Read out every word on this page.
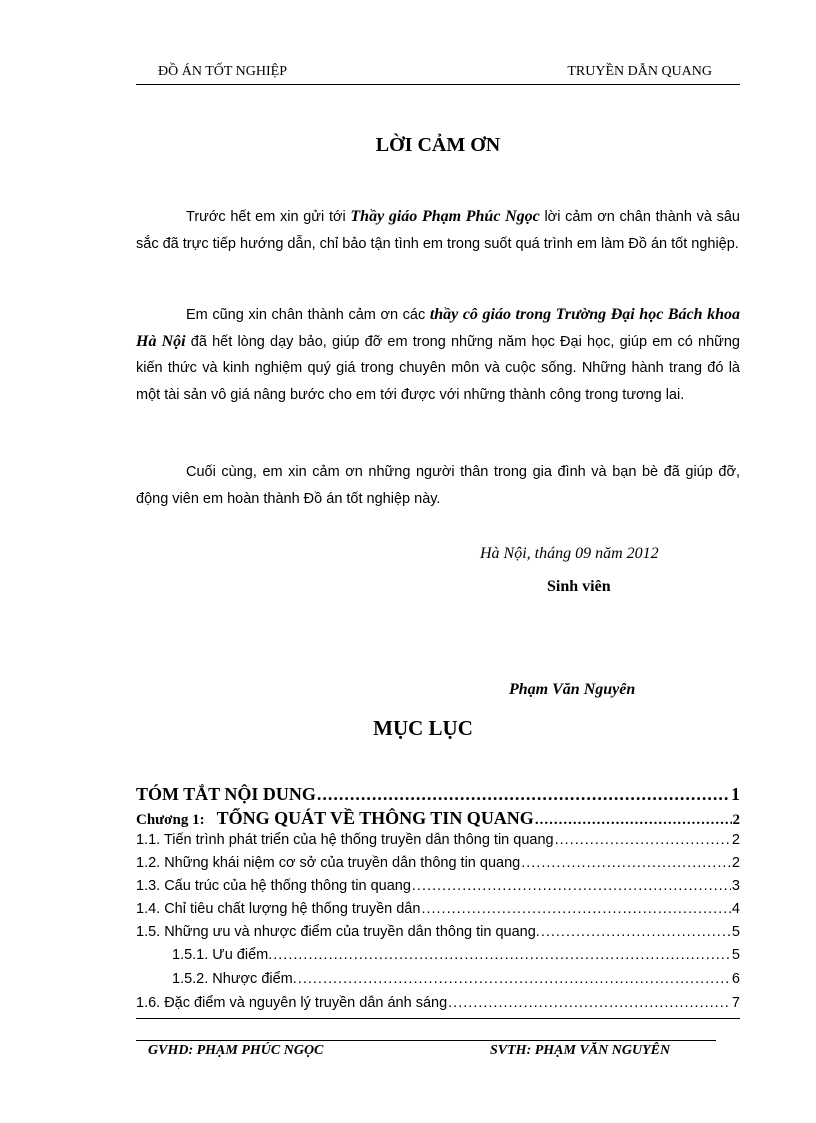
ĐỒ ÁN TỐT NGHIỆP	TRUYỀN DẪN QUANG
LỜI CẢM ƠN
Trước hết em xin gửi tới Thầy giáo Phạm Phúc Ngọc lời cảm ơn chân thành và sâu sắc đã trực tiếp hướng dẫn, chỉ bảo tận tình em trong suốt quá trình em làm Đồ án tốt nghiệp.
Em cũng xin chân thành cảm ơn các thầy cô giáo trong Trường Đại học Bách khoa Hà Nội đã hết lòng dạy bảo, giúp đỡ em trong những năm học Đại học, giúp em có những kiến thức và kinh nghiệm quý giá trong chuyên môn và cuộc sống. Những hành trang đó là một tài sản vô giá nâng bước cho em tới được với những thành công trong tương lai.
Cuối cùng, em xin cảm ơn những người thân trong gia đình và bạn bè đã giúp đỡ, động viên em hoàn thành Đồ án tốt nghiệp này.
Hà Nội, tháng 09 năm 2012
Sinh viên
Phạm Văn Nguyên
MỤC LỤC
TÓM TẮT NỘI DUNG .....	1
Chương 1: TỔNG QUÁT VỀ THÔNG TIN QUANG .....	2
1.1. Tiến trình phát triển của hệ thống truyền dẫn thông tin quang .....	2
1.2. Những khái niệm cơ sở của truyền dẫn thông tin quang .....	2
1.3. Cấu trúc của hệ thống thông tin quang .....	3
1.4. Chỉ tiêu chất lượng hệ thống truyền dẫn .....	4
1.5. Những ưu và nhược điểm của truyền dẫn thông tin quang. .....	5
1.5.1. Ưu điểm. .....	5
1.5.2. Nhược điểm. .....	6
1.6. Đặc điểm và nguyên lý truyền dẫn ánh sáng .....	7
GVHD: PHẠM PHÚC NGỌC	SVTH: PHẠM VĂN NGUYÊN
